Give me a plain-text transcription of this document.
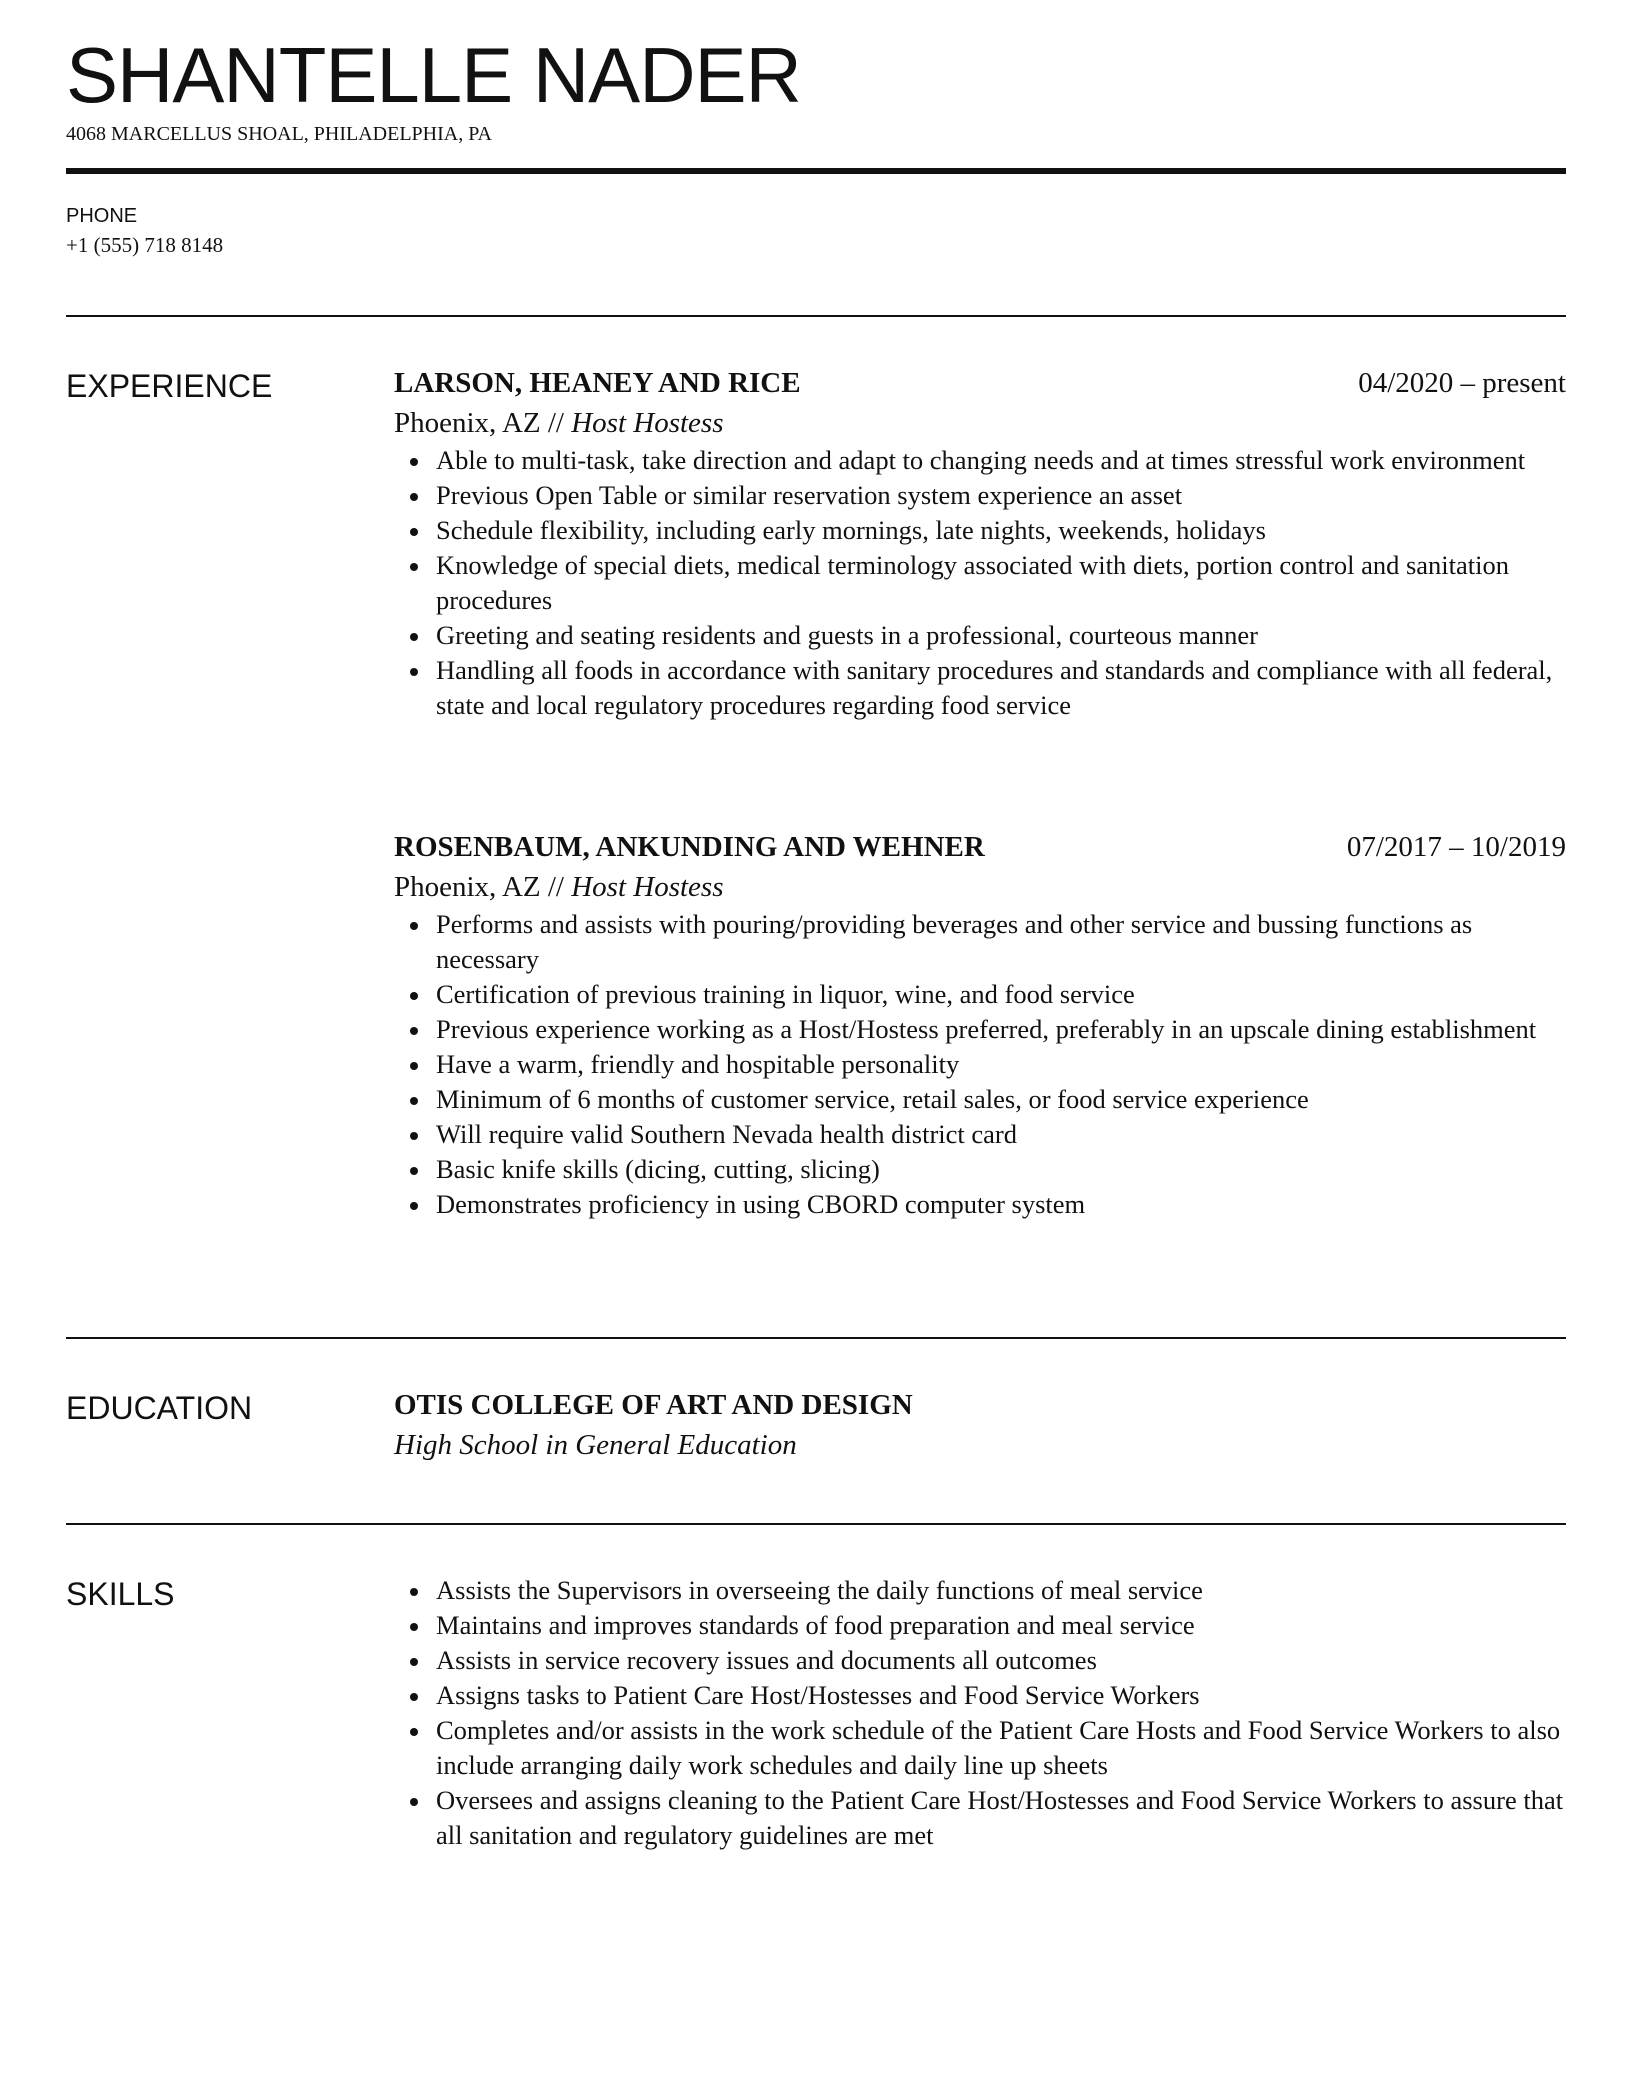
SHANTELLE NADER
4068 MARCELLUS SHOAL, PHILADELPHIA, PA
PHONE
+1 (555) 718 8148
EXPERIENCE	LARSON, HEANEY AND RICE	04/2020 – present
Phoenix, AZ // Host Hostess
Able to multi-task, take direction and adapt to changing needs and at times stressful work environment
Previous Open Table or similar reservation system experience an asset
Schedule flexibility, including early mornings, late nights, weekends, holidays
Knowledge of special diets, medical terminology associated with diets, portion control and sanitation procedures
Greeting and seating residents and guests in a professional, courteous manner
Handling all foods in accordance with sanitary procedures and standards and compliance with all federal, state and local regulatory procedures regarding food service
ROSENBAUM, ANKUNDING AND WEHNER	07/2017 – 10/2019
Phoenix, AZ // Host Hostess
Performs and assists with pouring/providing beverages and other service and bussing functions as necessary
Certification of previous training in liquor, wine, and food service
Previous experience working as a Host/Hostess preferred, preferably in an upscale dining establishment
Have a warm, friendly and hospitable personality
Minimum of 6 months of customer service, retail sales, or food service experience
Will require valid Southern Nevada health district card
Basic knife skills (dicing, cutting, slicing)
Demonstrates proficiency in using CBORD computer system
EDUCATION	OTIS COLLEGE OF ART AND DESIGN
High School in General Education
SKILLS	Assists the Supervisors in overseeing the daily functions of meal service
Maintains and improves standards of food preparation and meal service
Assists in service recovery issues and documents all outcomes
Assigns tasks to Patient Care Host/Hostesses and Food Service Workers
Completes and/or assists in the work schedule of the Patient Care Hosts and Food Service Workers to also include arranging daily work schedules and daily line up sheets
Oversees and assigns cleaning to the Patient Care Host/Hostesses and Food Service Workers to assure that all sanitation and regulatory guidelines are met
